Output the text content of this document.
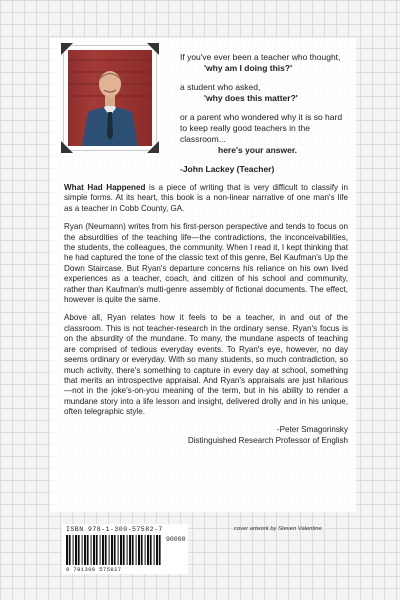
If you've ever been a teacher who thought,
'why am I doing this?'

a student who asked,
'why does this matter?'

or a parent who wondered why it is so hard to keep really good teachers in the classroom...
here's your answer.

-John Lackey (Teacher)

What Had Happened is a piece of writing that is very difficult to classify in simple forms. At its heart, this book is a non-linear narrative of one man's life as a teacher in Cobb County, GA.

Ryan (Neumann) writes from his first-person perspective and tends to focus on the absurdities of the teaching life—the contradictions, the inconceivabilities, the students, the colleagues, the community. When I read it, I kept thinking that he had captured the tone of the classic text of this genre, Bel Kaufman's Up the Down Staircase. But Ryan's departure concerns his reliance on his own lived experiences as a teacher, coach, and citizen of his school and community, rather than Kaufman's multi-genre assembly of fictional documents. The effect, however is quite the same.

Above all, Ryan relates how it feels to be a teacher, in and out of the classroom. This is not teacher-research in the ordinary sense. Ryan's focus is on the absurdity of the mundane. To many, the mundane aspects of teaching are comprised of tedious everyday events. To Ryan's eye, however, no day seems ordinary or everyday. With so many students, so much contradiction, so much activity, there's something to capture in every day at school, something that merits an introspective appraisal. And Ryan's appraisals are just hilarious—not in the joke's-on-you meaning of the term, but in his ability to render a mundane story into a life lesson and insight, delivered drolly and in his unique, often telegraphic style.

-Peter Smagorinsky
Distinguished Research Professor of English
cover artwork by Steven Valentine
ISBN 978-1-300-57582-7
9 781300 575827
90000
